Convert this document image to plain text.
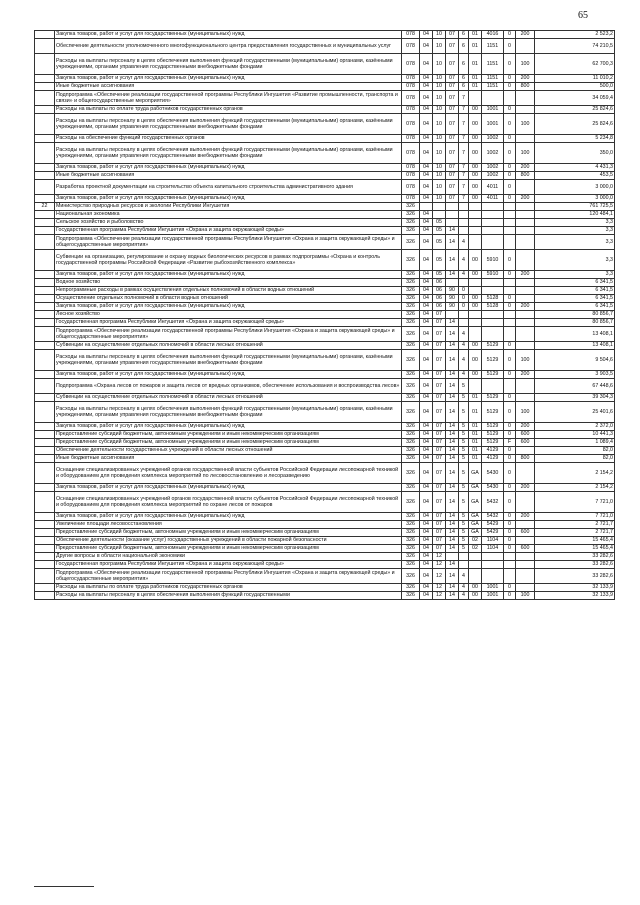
65
	Закупка товаров, работ и услуг для государственных (муниципальных) нужд	078	04	10	07	6	01	4016	0	200	2 523,2
	Обеспечение деятельности уполномоченного многофункционального центра предоставления государственных и муниципальных услуг	078	04	10	07	6	01	1151	0		74 210,5
	Расходы на выплаты персоналу в целях обеспечения выполнения функций государственными (муниципальными) органами, казёнными учреждениями, органами управления государственными внебюджетными фондами	078	04	10	07	6	01	1151	0	100	62 700,3
	Закупка товаров, работ и услуг для государственных (муниципальных) нужд	078	04	10	07	6	01	1151	0	200	11 010,2
	Иные бюджетные ассигнования	078	04	10	07	6	01	1151	0	800	500,0
	Подпрограмма «Обеспечение реализации государственной программы Республики Ингушетия «Развитие промышленности, транспорта и связи» и общегосударственные мероприятия»	078	04	10	07	7					34 059,4
	Расходы на выплаты по оплате труда работников государственных органов	078	04	10	07	7	00	1001	0		25 824,6
	Расходы на выплаты персоналу в целях обеспечения выполнения функций государственными (муниципальными) органами, казёнными учреждениями, органами управления государственными внебюджетными фондами	078	04	10	07	7	00	1001	0	100	25 824,6
	Расходы на обеспечение функций государственных органов	078	04	10	07	7	00	1002	0		5 234,8
	Расходы на выплаты персоналу в целях обеспечения выполнения функций государственными (муниципальными) органами, казёнными учреждениями, органами управления государственными внебюджетными фондами	078	04	10	07	7	00	1002	0	100	350,0
	Закупка товаров, работ и услуг для государственных (муниципальных) нужд	078	04	10	07	7	00	1002	0	200	4 431,3
	Иные бюджетные ассигнования	078	04	10	07	7	00	1002	0	800	453,5
	Разработка проектной документации на строительство объекта капитального строительства административного здания	078	04	10	07	7	00	4011	0		3 000,0
	Закупка товаров, работ и услуг для государственных (муниципальных) нужд	078	04	10	07	7	00	4011	0	200	3 000,0
22	Министерство природных ресурсов и экологии Республики Ингушетия	326									761 725,5
	Национальная экономика	326	04								120 484,1
	Сельское хозяйство и рыболовство	326	04	05							3,3
	Государственная программа Республики Ингушетия «Охрана и защита окружающей среды»	326	04	05	14						3,3
	Подпрограмма «Обеспечение реализации государственной программы Республики Ингушетия «Охрана и защита окружающей среды» и общегосударственные мероприятия»	326	04	05	14	4					3,3
	Субвенции на организацию, регулирование и охрану водных биологических ресурсов в рамках подпрограммы «Охрана и контроль государственной программы Российской Федерации «Развитие рыбохозяйственного комплекса»	326	04	05	14	4	00	5910	0		3,3
	Закупка товаров, работ и услуг для государственных (муниципальных) нужд	326	04	05	14	4	00	5910	0	200	3,3
	Водное хозяйство	326	04	06							6 341,5
	Непрограммные расходы в рамках осуществления отдельных полномочий в области водных отношений	326	04	06	90	0					6 341,5
	Осуществление отдельных полномочий в области водных отношений	326	04	06	90	0	00	5128	0		6 341,5
	Закупка товаров, работ и услуг для государственных (муниципальных) нужд	326	04	06	90	0	00	5128	0	200	6 341,5
	Лесное хозяйство	326	04	07							80 856,7
	Государственная программа Республики Ингушетия «Охрана и защита окружающей среды»	326	04	07	14						80 856,7
	Подпрограмма «Обеспечение реализации государственной программы Республики Ингушетия «Охрана и защита окружающей среды» и общегосударственные мероприятия»	326	04	07	14	4					13 408,1
	Субвенции на осуществление отдельных полномочий в области лесных отношений	326	04	07	14	4	00	5129	0		13 408,1
	Расходы на выплаты персоналу в целях обеспечения выполнения функций государственными (муниципальными) органами, казёнными учреждениями, органами управления государственными внебюджетными фондами	326	04	07	14	4	00	5129	0	100	9 504,6
	Закупка товаров, работ и услуг для государственных (муниципальных) нужд	326	04	07	14	4	00	5129	0	200	3 903,5
	Подпрограмма «Охрана лесов от пожаров и защита лесов от вредных организмов, обеспечение использования и воспроизводства лесов»	326	04	07	14	5					67 448,6
	Субвенции на осуществление отдельных полномочий в области лесных отношений	326	04	07	14	5	01	5129	0		39 304,3
	Расходы на выплаты персоналу в целях обеспечения выполнения функций государственными (муниципальными) органами, казёнными учреждениями, органами управления государственными внебюджетными фондами	326	04	07	14	5	01	5129	0	100	25 401,6
	Закупка товаров, работ и услуг для государственных (муниципальных) нужд	326	04	07	14	5	01	5129	0	200	2 372,0
	Предоставление субсидий бюджетным, автономным учреждениям и иным некоммерческим организациям	326	04	07	14	5	01	5129	0	600	10 441,3
	Предоставление субсидий бюджетным, автономным учреждениям и иным некоммерческим организациям	326	04	07	14	5	01	5129	F	600	1 089,4
	Обеспечение деятельности государственных учреждений в области лесных отношений	326	04	07	14	5	01	4129	0		82,0
	Иные бюджетные ассигнования	326	04	07	14	5	01	4129	0	800	82,0
	Оснащение специализированных учреждений органов государственной власти субъектов Российской Федерации лесопожарной техникой и оборудованием для проведения комплекса мероприятий по лесовосстановлению и лесоразведению	326	04	07	14	5	GA	5430	0		2 154,2
	Закупка товаров, работ и услуг для государственных (муниципальных) нужд	326	04	07	14	5	GA	5430	0	200	2 154,2
	Оснащение специализированных учреждений органов государственной власти субъектов Российской Федерации лесопожарной техникой и оборудованием для проведения комплекса мероприятий по охране лесов от пожаров	326	04	07	14	5	GA	5432	0		7 721,0
	Закупка товаров, работ и услуг для государственных (муниципальных) нужд	326	04	07	14	5	GA	5432	0	200	7 721,0
	Увеличение площади лесовосстановления	326	04	07	14	5	GA	5429	0		2 721,7
	Предоставление субсидий бюджетным, автономным учреждениям и иным некоммерческим организациям	326	04	07	14	5	GA	5429	0	600	2 721,7
	Обеспечение деятельности (оказание услуг) государственных учреждений в области пожарной безопасности	326	04	07	14	5	02	1104	0		15 465,4
	Предоставление субсидий бюджетным, автономным учреждениям и иным некоммерческим организациям	326	04	07	14	5	02	1104	0	600	15 465,4
	Другие вопросы в области национальной экономики	326	04	12							33 282,6
	Государственная программа Республики Ингушетия «Охрана и защита окружающей среды»	326	04	12	14						33 282,6
	Подпрограмма «Обеспечение реализации государственной программы Республики Ингушетия «Охрана и защита окружающей среды» и общегосударственные мероприятия»	326	04	12	14	4					33 282,6
	Расходы на выплаты по оплате труда работников государственных органов	326	04	12	14	4	00	1001	0		32 133,9
	Расходы на выплаты персоналу в целях обеспечения выполнения функций государственными	326	04	12	14	4	00	1001	0	100	32 133,9
